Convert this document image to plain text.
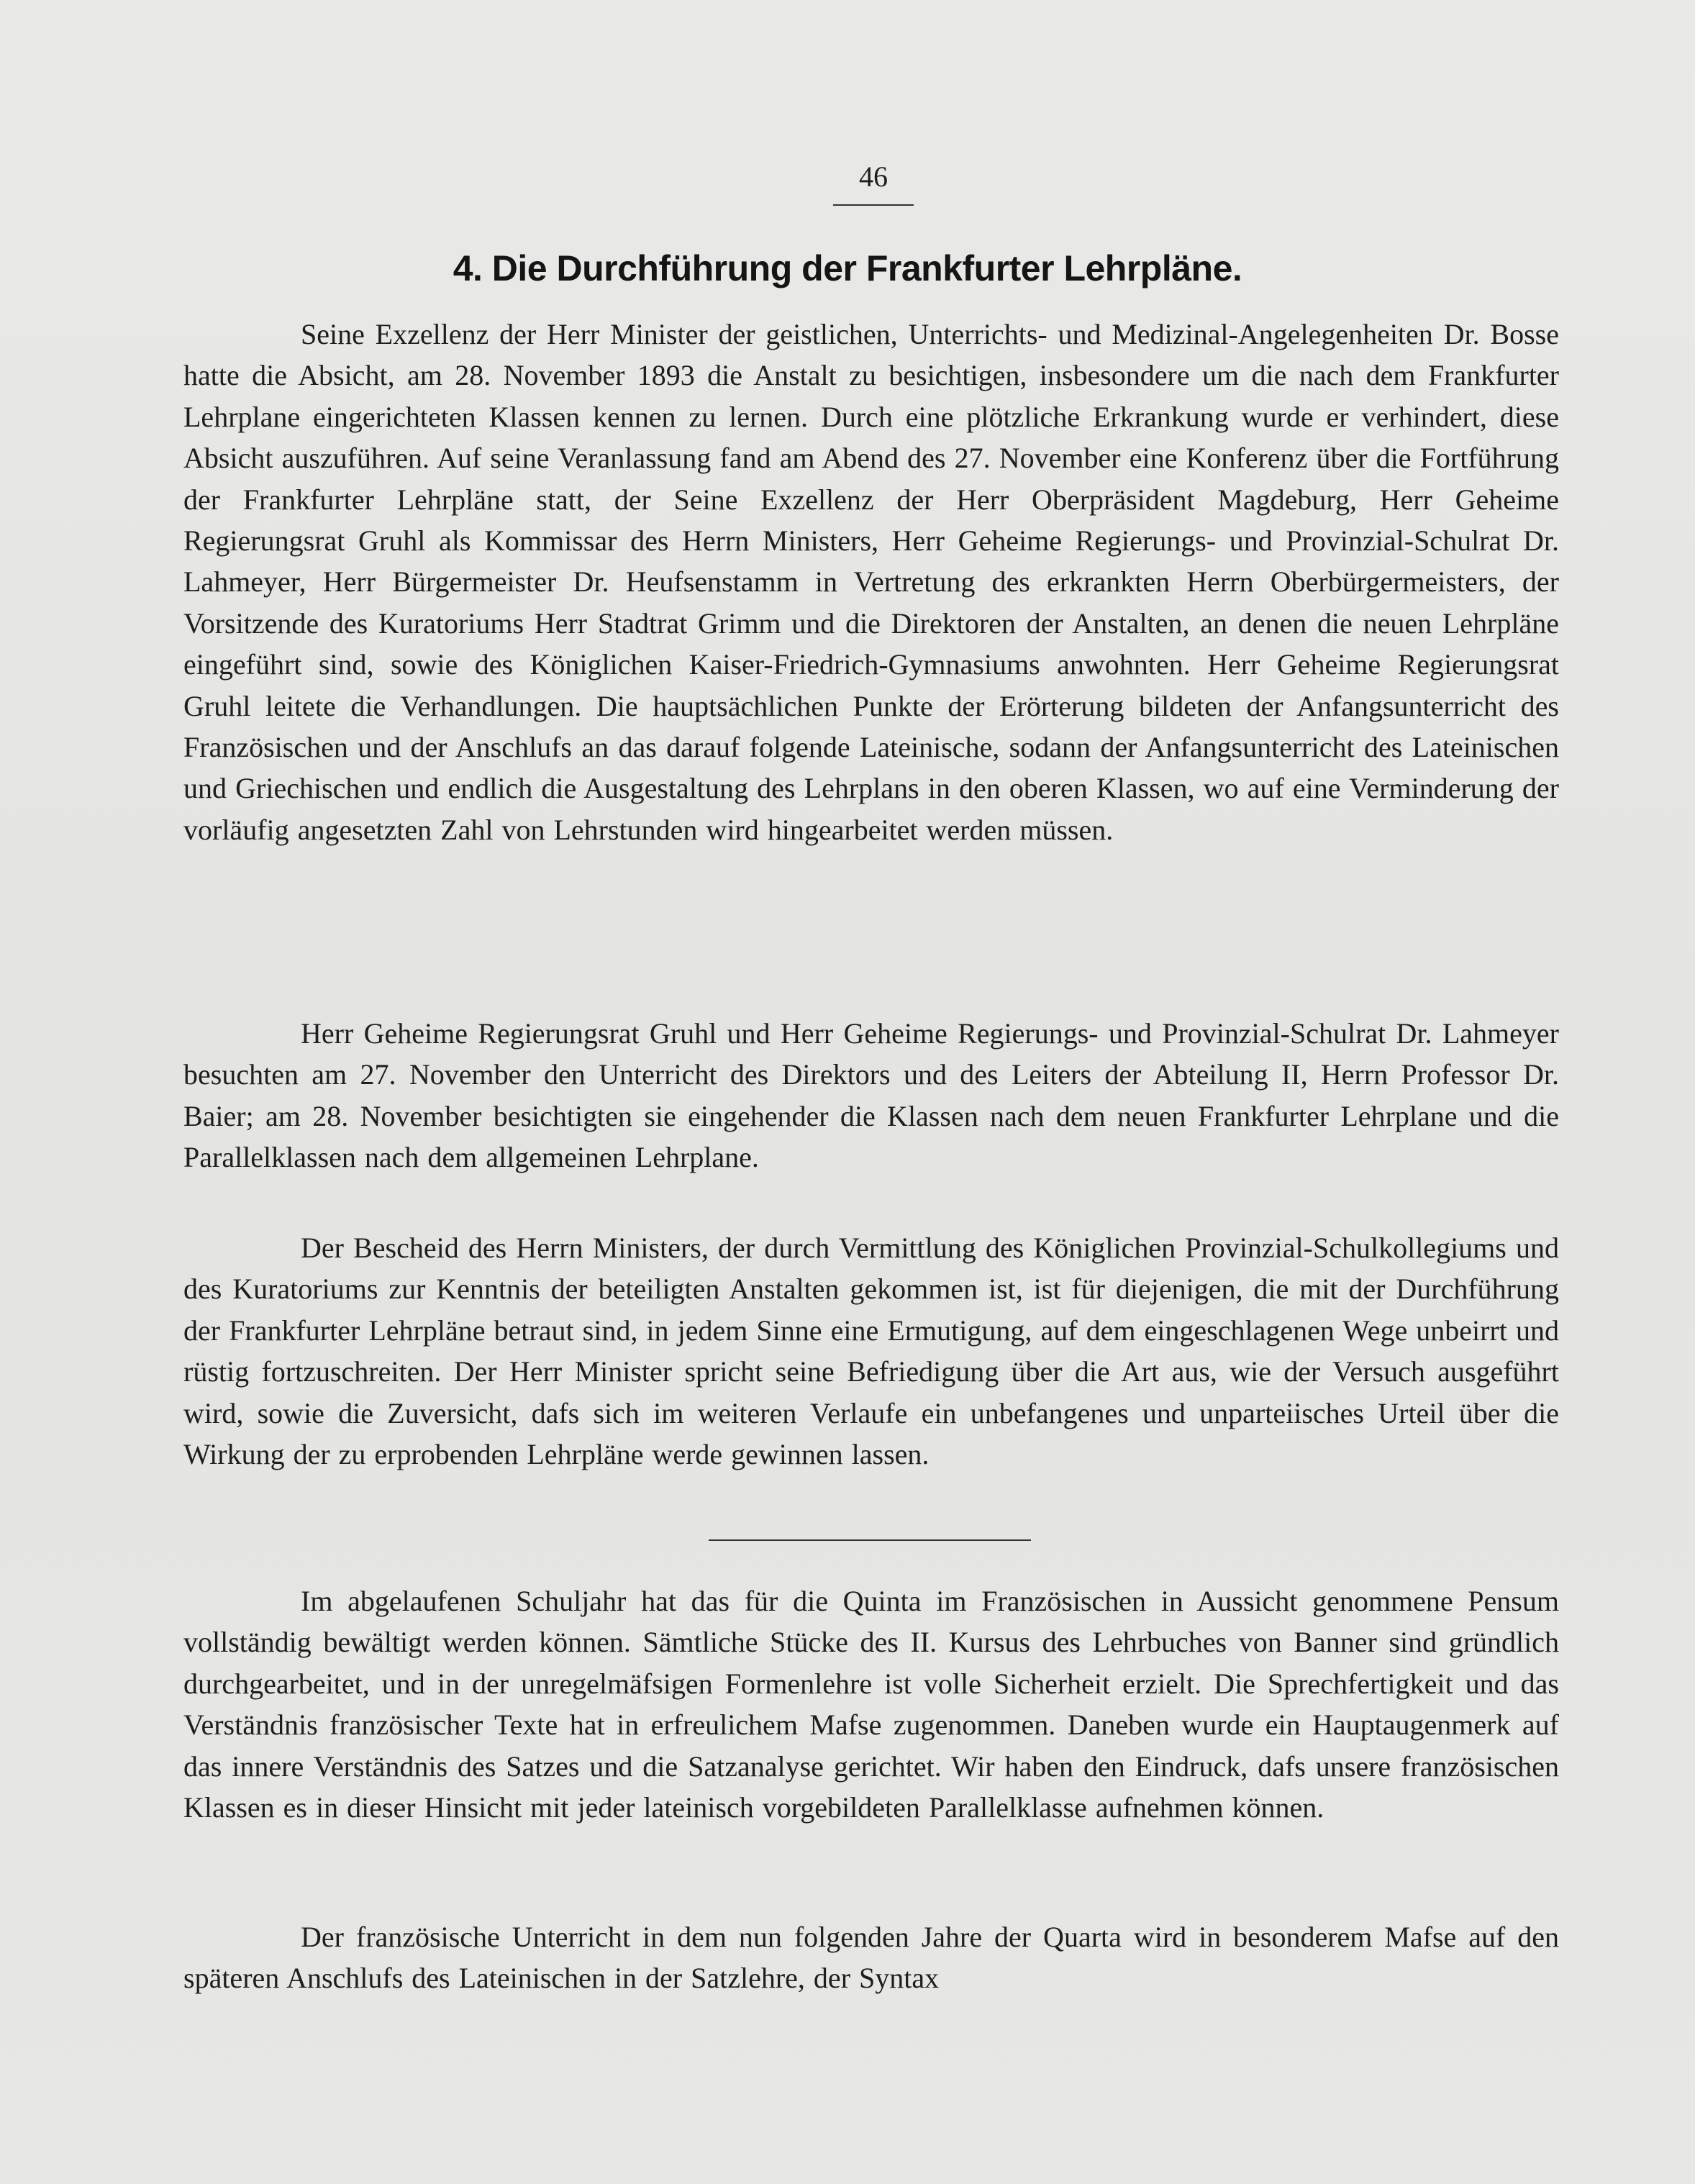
46
4. Die Durchführung der Frankfurter Lehrpläne.

Seine Exzellenz der Herr Minister der geistlichen, Unterrichts- und Medizinal-Angelegenheiten Dr. Bosse hatte die Absicht, am 28. November 1893 die Anstalt zu besichtigen, insbesondere um die nach dem Frankfurter Lehrplane eingerichteten Klassen kennen zu lernen. Durch eine plötzliche Erkrankung wurde er verhindert, diese Absicht auszuführen. Auf seine Veranlassung fand am Abend des 27. November eine Konferenz über die Fortführung der Frankfurter Lehrpläne statt, der Seine Exzellenz der Herr Oberpräsident Magdeburg, Herr Geheime Regierungsrat Gruhl als Kommissar des Herrn Ministers, Herr Geheime Regierungs- und Provinzial-Schulrat Dr. Lahmeyer, Herr Bürgermeister Dr. Heufsenstamm in Vertretung des erkrankten Herrn Oberbürgermeisters, der Vorsitzende des Kuratoriums Herr Stadtrat Grimm und die Direktoren der Anstalten, an denen die neuen Lehrpläne eingeführt sind, sowie des Königlichen Kaiser-Friedrich-Gymnasiums anwohnten. Herr Geheime Regierungsrat Gruhl leitete die Verhandlungen. Die hauptsächlichen Punkte der Erörterung bildeten der Anfangsunterricht des Französischen und der Anschlufs an das darauf folgende Lateinische, sodann der Anfangsunterricht des Lateinischen und Griechischen und endlich die Ausgestaltung des Lehrplans in den oberen Klassen, wo auf eine Verminderung der vorläufig angesetzten Zahl von Lehrstunden wird hingearbeitet werden müssen.

Herr Geheime Regierungsrat Gruhl und Herr Geheime Regierungs- und Provinzial-Schulrat Dr. Lahmeyer besuchten am 27. November den Unterricht des Direktors und des Leiters der Abteilung II, Herrn Professor Dr. Baier; am 28. November besichtigten sie eingehender die Klassen nach dem neuen Frankfurter Lehrplane und die Parallelklassen nach dem allgemeinen Lehrplane.

Der Bescheid des Herrn Ministers, der durch Vermittlung des Königlichen Provinzial-Schulkollegiums und des Kuratoriums zur Kenntnis der beteiligten Anstalten gekommen ist, ist für diejenigen, die mit der Durchführung der Frankfurter Lehrpläne betraut sind, in jedem Sinne eine Ermutigung, auf dem eingeschlagenen Wege unbeirrt und rüstig fortzuschreiten. Der Herr Minister spricht seine Befriedigung über die Art aus, wie der Versuch ausgeführt wird, sowie die Zuversicht, dafs sich im weiteren Verlaufe ein unbefangenes und unparteiisches Urteil über die Wirkung der zu erprobenden Lehrpläne werde gewinnen lassen.

Im abgelaufenen Schuljahr hat das für die Quinta im Französischen in Aussicht genommene Pensum vollständig bewältigt werden können. Sämtliche Stücke des II. Kursus des Lehrbuches von Banner sind gründlich durchgearbeitet, und in der unregelmäfsigen Formenlehre ist volle Sicherheit erzielt. Die Sprechfertigkeit und das Verständnis französischer Texte hat in erfreulichem Mafse zugenommen. Daneben wurde ein Hauptaugenmerk auf das innere Verständnis des Satzes und die Satzanalyse gerichtet. Wir haben den Eindruck, dafs unsere französischen Klassen es in dieser Hinsicht mit jeder lateinisch vorgebildeten Parallelklasse aufnehmen können.

Der französische Unterricht in dem nun folgenden Jahre der Quarta wird in besonderem Mafse auf den späteren Anschlufs des Lateinischen in der Satzlehre, der Syntax
